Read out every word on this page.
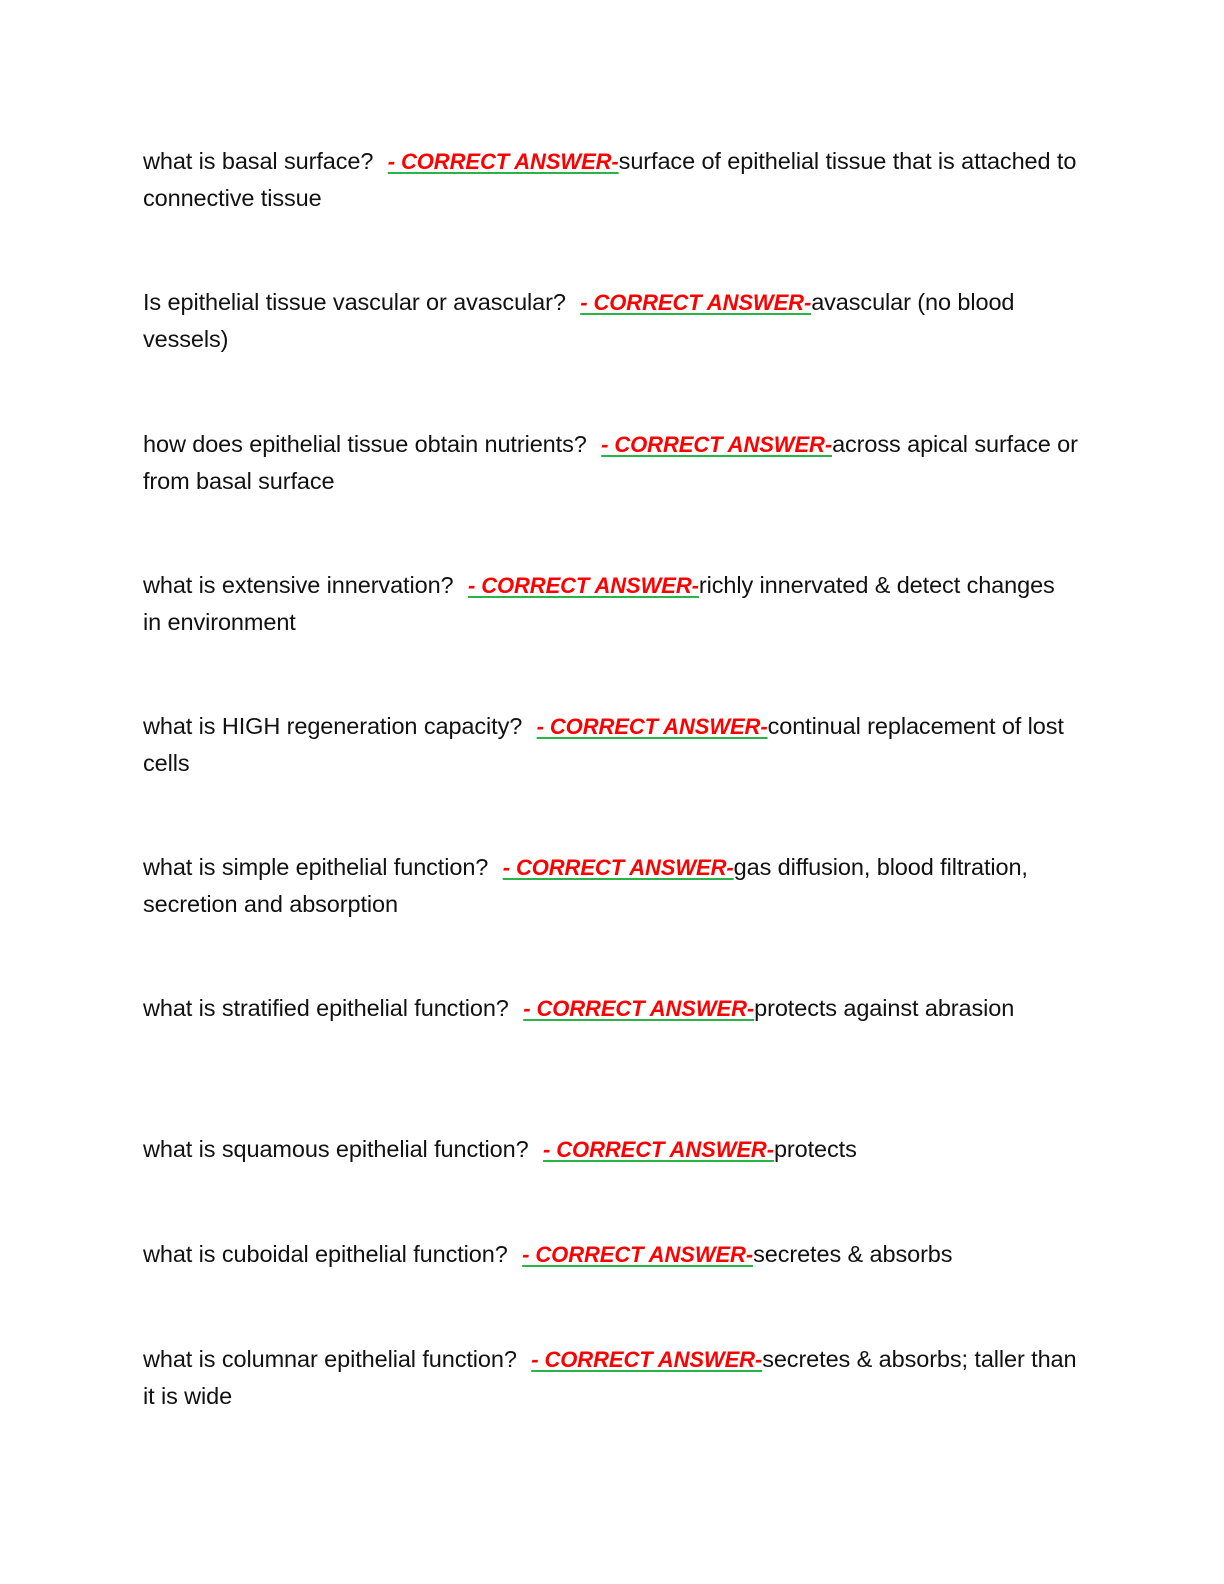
what is basal surface? - CORRECT ANSWER-surface of epithelial tissue that is attached to connective tissue

Is epithelial tissue vascular or avascular? - CORRECT ANSWER-avascular (no blood vessels)

how does epithelial tissue obtain nutrients? - CORRECT ANSWER-across apical surface or from basal surface

what is extensive innervation? - CORRECT ANSWER-richly innervated & detect changes in environment

what is HIGH regeneration capacity? - CORRECT ANSWER-continual replacement of lost cells

what is simple epithelial function? - CORRECT ANSWER-gas diffusion, blood filtration, secretion and absorption

what is stratified epithelial function? - CORRECT ANSWER-protects against abrasion

what is squamous epithelial function? - CORRECT ANSWER-protects

what is cuboidal epithelial function? - CORRECT ANSWER-secretes & absorbs

what is columnar epithelial function? - CORRECT ANSWER-secretes & absorbs; taller than it is wide
